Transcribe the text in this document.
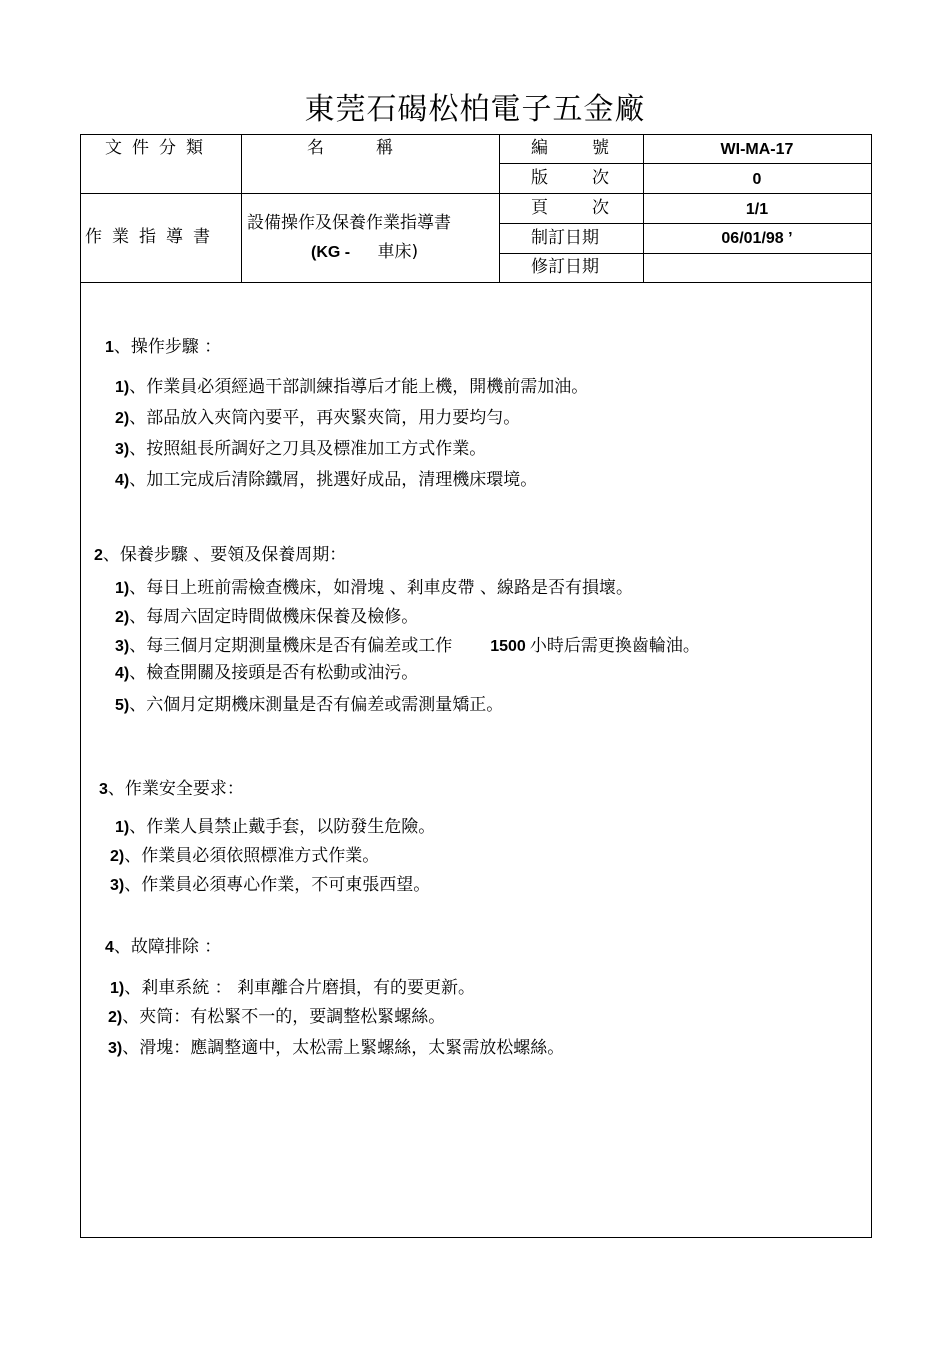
東莞石碣松柏電子五金廠
文件分類	名稱
作業指導書
設備操作及保養作業指導書
(KG - 車床)
編	號	WI-MA-17
版	次	0
頁	次	1/1
制訂日期	06/01/98 ’
修訂日期
1、操作步驟 ：
1)、作業員必須經過干部訓練指導后才能上機，開機前需加油。
2)、部品放入夾筒內要平，再夾緊夾筒，用力要均勻。
3)、按照組長所調好之刀具及標准加工方式作業。
4)、加工完成后清除鐵屑，挑選好成品，清理機床環境。
2、保養步驟 、要領及保養周期：
1)、每日上班前需檢查機床，如滑塊 、剎車皮帶 、線路是否有損壞。
2)、每周六固定時間做機床保養及檢修。
3)、每三個月定期測量機床是否有偏差或工作 1500 小時后需更換齒輪油。
4)、檢查開關及接頭是否有松動或油污。
5)、六個月定期機床測量是否有偏差或需測量矯正。
3、作業安全要求：
1)、作業人員禁止戴手套，以防發生危險。
2)、作業員必須依照標准方式作業。
3)、作業員必須專心作業，不可東張西望。
4、故障排除 ：
1)、剎車系統 ： 剎車離合片磨損，有的要更新。
2)、夾筒：有松緊不一的，要調整松緊螺絲。
3)、滑塊：應調整適中，太松需上緊螺絲，太緊需放松螺絲。
